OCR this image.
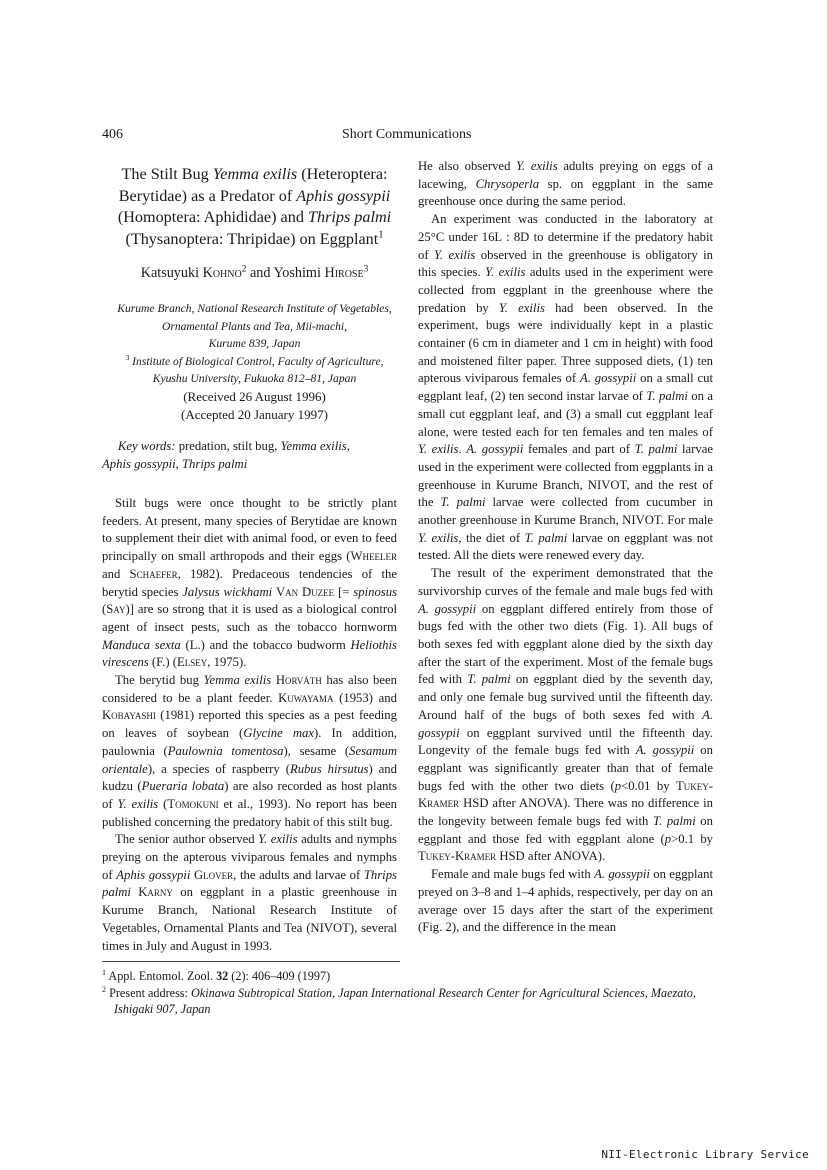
406	Short Communications
The Stilt Bug Yemma exilis (Heteroptera:
Berytidae) as a Predator of Aphis gossypii
(Homoptera: Aphididae) and Thrips palmi
(Thysanoptera: Thripidae) on Eggplant$^1$
Katsuyuki Kohno$^2$ and Yoshimi Hirose$^3$
Kurume Branch, National Research Institute of Vegetables,
Ornamental Plants and Tea, Mii-machi,
Kurume 839, Japan
$^3$ Institute of Biological Control, Faculty of Agriculture,
Kyushu University, Fukuoka 812–81, Japan
(Received 26 August 1996)
(Accepted 20 January 1997)
Key words: predation, stilt bug, Yemma exilis,
Aphis gossypii, Thrips palmi

Stilt bugs were once thought to be strictly plant feeders. At present, many species of Berytidae are known to supplement their diet with animal food, or even to feed principally on small arthropods and their eggs (Wheeler and Schaefer, 1982). Predaceous tendencies of the berytid species Jalysus wickhami Van Duzee [= spinosus (Say)] are so strong that it is used as a biological control agent of insect pests, such as the tobacco hornworm Manduca sexta (L.) and the tobacco budworm Heliothis virescens (F.) (Elsey, 1975).

The berytid bug Yemma exilis Horváth has also been considered to be a plant feeder. Kuwayama (1953) and Kobayashi (1981) reported this species as a pest feeding on leaves of soybean (Glycine max). In addition, paulownia (Paulownia tomentosa), sesame (Sesamum orientale), a species of raspberry (Rubus hirsutus) and kudzu (Pueraria lobata) are also recorded as host plants of Y. exilis (Tomokuni et al., 1993). No report has been published concerning the predatory habit of this stilt bug.

The senior author observed Y. exilis adults and nymphs preying on the apterous viviparous females and nymphs of Aphis gossypii Glover, the adults and larvae of Thrips palmi Karny on eggplant in a plastic greenhouse in Kurume Branch, National Research Institute of Vegetables, Ornamental Plants and Tea (NIVOT), several times in July and August in 1993.

He also observed Y. exilis adults preying on eggs of a lacewing, Chrysoperla sp. on eggplant in the same greenhouse once during the same period.

An experiment was conducted in the laboratory at 25°C under 16L : 8D to determine if the predatory habit of Y. exilis observed in the greenhouse is obligatory in this species. Y. exilis adults used in the experiment were collected from eggplant in the greenhouse where the predation by Y. exilis had been observed. In the experiment, bugs were individually kept in a plastic container (6 cm in diameter and 1 cm in height) with food and moistened filter paper. Three supposed diets, (1) ten apterous viviparous females of A. gossypii on a small cut eggplant leaf, (2) ten second instar larvae of T. palmi on a small cut eggplant leaf, and (3) a small cut eggplant leaf alone, were tested each for ten females and ten males of Y. exilis. A. gossypii females and part of T. palmi larvae used in the experiment were collected from eggplants in a greenhouse in Kurume Branch, NIVOT, and the rest of the T. palmi larvae were collected from cucumber in another greenhouse in Kurume Branch, NIVOT. For male Y. exilis, the diet of T. palmi larvae on eggplant was not tested. All the diets were renewed every day.

The result of the experiment demonstrated that the survivorship curves of the female and male bugs fed with A. gossypii on eggplant differed entirely from those of bugs fed with the other two diets (Fig. 1). All bugs of both sexes fed with eggplant alone died by the sixth day after the start of the experiment. Most of the female bugs fed with T. palmi on eggplant died by the seventh day, and only one female bug survived until the fifteenth day. Around half of the bugs of both sexes fed with A. gossypii on eggplant survived until the fifteenth day. Longevity of the female bugs fed with A. gossypii on eggplant was significantly greater than that of female bugs fed with the other two diets (p<0.01 by Tukey-Kramer HSD after ANOVA). There was no difference in the longevity between female bugs fed with T. palmi on eggplant and those fed with eggplant alone (p>0.1 by Tukey-Kramer HSD after ANOVA).

Female and male bugs fed with A. gossypii on eggplant preyed on 3–8 and 1–4 aphids, respectively, per day on an average over 15 days after the start of the experiment (Fig. 2), and the difference in the mean

$^1$ Appl. Entomol. Zool. 32 (2): 406–409 (1997)

$^2$ Present address: Okinawa Subtropical Station, Japan International Research Center for Agricultural Sciences, Maezato, Ishigaki 907, Japan

NII-Electronic Library Service
